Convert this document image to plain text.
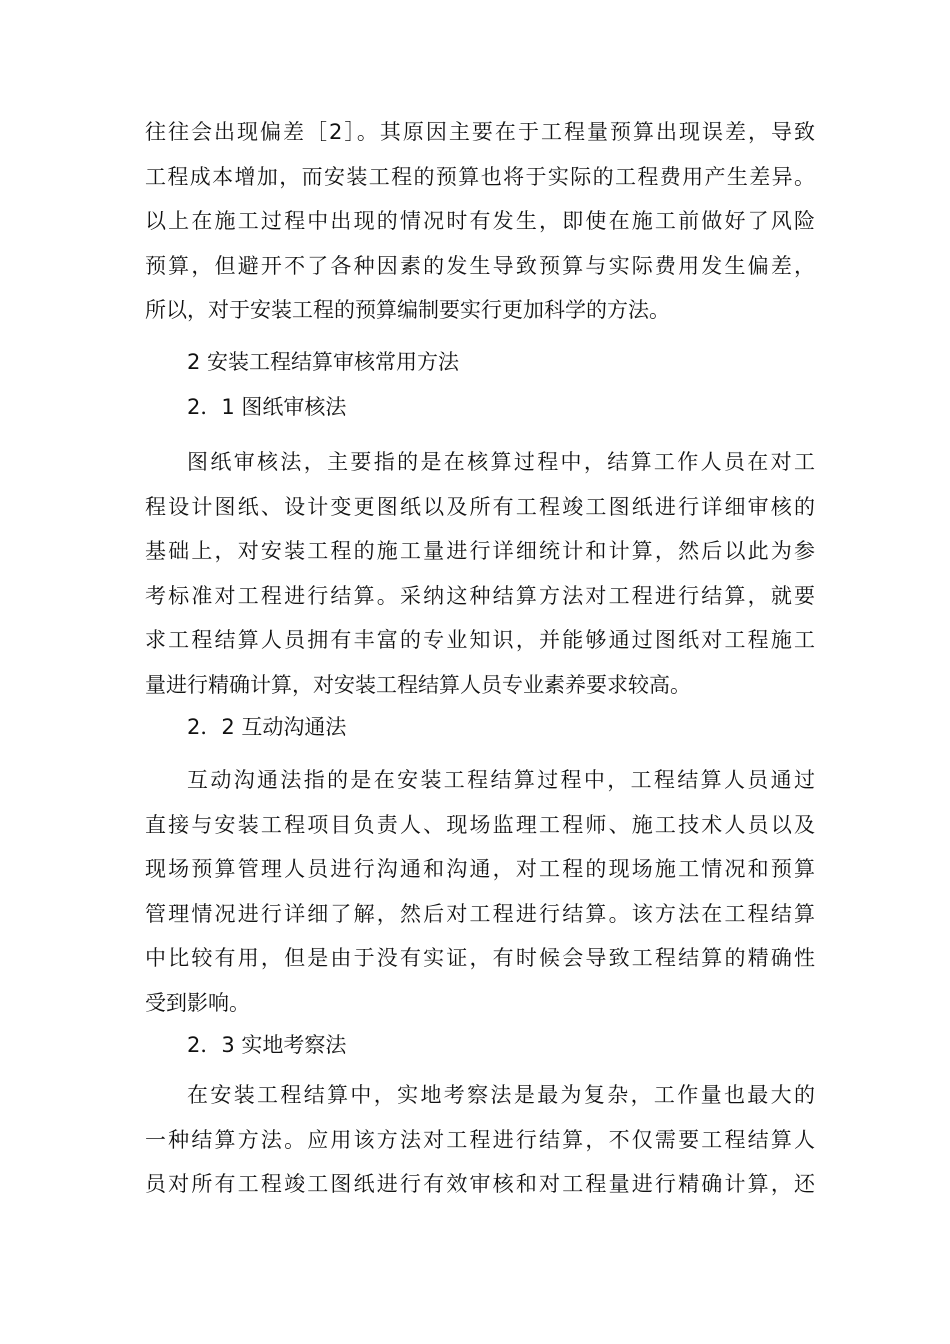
往往会出现偏差［2］。其原因主要在于工程量预算出现误差，导致
工程成本增加，而安装工程的预算也将于实际的工程费用产生差异。
以上在施工过程中出现的情况时有发生，即使在施工前做好了风险
预算，但避开不了各种因素的发生导致预算与实际费用发生偏差，
所以，对于安装工程的预算编制要实行更加科学的方法。
2 安装工程结算审核常用方法
2．1 图纸审核法
图纸审核法，主要指的是在核算过程中，结算工作人员在对工
程设计图纸、设计变更图纸以及所有工程竣工图纸进行详细审核的
基础上，对安装工程的施工量进行详细统计和计算，然后以此为参
考标准对工程进行结算。采纳这种结算方法对工程进行结算，就要
求工程结算人员拥有丰富的专业知识，并能够通过图纸对工程施工
量进行精确计算，对安装工程结算人员专业素养要求较高。
2．2 互动沟通法
互动沟通法指的是在安装工程结算过程中，工程结算人员通过
直接与安装工程项目负责人、现场监理工程师、施工技术人员以及
现场预算管理人员进行沟通和沟通，对工程的现场施工情况和预算
管理情况进行详细了解，然后对工程进行结算。该方法在工程结算
中比较有用，但是由于没有实证，有时候会导致工程结算的精确性
受到影响。
2．3 实地考察法
在安装工程结算中，实地考察法是最为复杂，工作量也最大的
一种结算方法。应用该方法对工程进行结算，不仅需要工程结算人
员对所有工程竣工图纸进行有效审核和对工程量进行精确计算，还
